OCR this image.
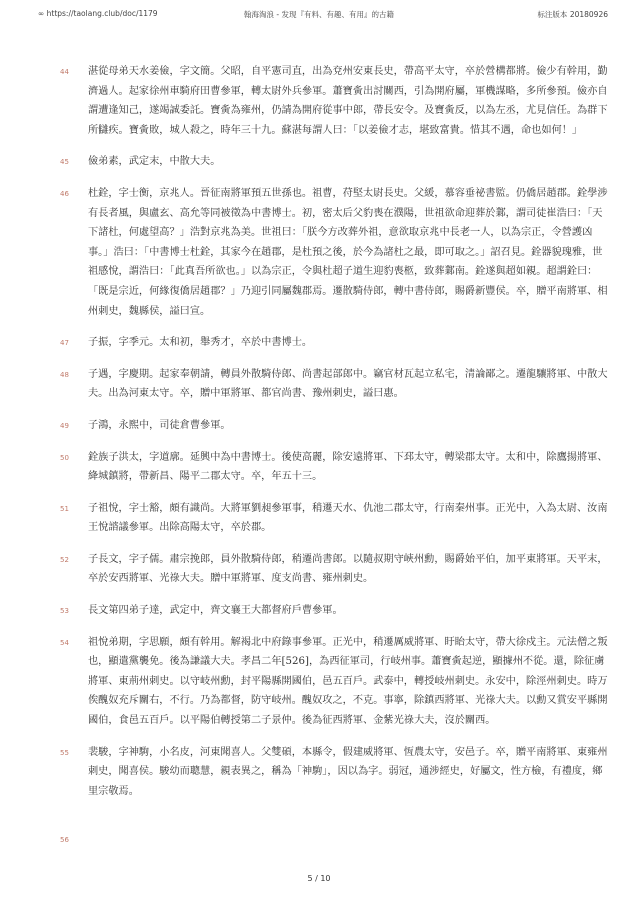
∞ https://taolang.club/doc/1179	翰海淘浪 - 发现『有料、有趣、有用』的古籍	标注版本 20180926
44 湛從母弟天水姜儉，字文簡。父昭，自平憲司直，出為兗州安東長史，帶高平太守，卒於營構都將。儉少有幹用，勤濟過人。起家徐州車騎府田曹參軍，轉太尉外兵參軍。蕭寶夤出討關西，引為開府屬，軍機謀略，多所參預。儉亦自謂遭逢知己，遂竭誠委託。寶夤為雍州，仍請為開府從事中郎，帶長安令。及寶夤反，以為左丞，尤見信任。為群下所讎疾。寶夤敗，城人殺之，時年三十九。蘇湛每謂人曰：「以姜儉才志，堪致富貴。惜其不遇，命也如何！」
45 儉弟素，武定末，中散大夫。
46 杜銓，字士衡，京兆人。晉征南將軍預五世孫也。祖曹，苻堅太尉長史。父緩，慕容垂祕書監。仍僑居趙郡。銓學涉有長者風，與盧玄、高允等同被徵為中書博士。初，密太后父豹喪在濮陽，世祖欲命迎葬於鄴，謂司徒崔浩曰：「天下諸杜，何處望高？」浩對京兆為美。世祖曰：「朕今方改葬外祖，意欲取京兆中長老一人，以為宗正，令營護凶事。」浩曰：「中書博士杜銓，其家今在趙郡，是杜預之後，於今為諸杜之最，即可取之。」詔召見。銓器貌瑰雅，世祖感悅，謂浩曰：「此真吾所欲也。」以為宗正，令與杜超子道生迎豹喪柩，致葬鄴南。銓遂與超如親。超謂銓曰：「既是宗近，何緣復僑居趙郡？」乃迎引同屬魏郡焉。遷散騎侍郎，轉中書侍郎，賜爵新豐侯。卒，贈平南將軍、相州刺史，魏縣侯，謚曰宣。
47 子振，字季元。太和初，舉秀才，卒於中書博士。
48 子遇，字慶期。起家奉朝請，轉員外散騎侍郎、尚書起部郎中。竊官材瓦起立私宅，清論鄙之。遷龍驤將軍、中散大夫。出為河東太守。卒，贈中軍將軍、都官尚書、豫州刺史，謚曰惠。
49 子鴻，永熙中，司徒倉曹參軍。
50 銓族子洪太，字道廓。延興中為中書博士。後使高麗，除安遠將軍、下邳太守，轉梁郡太守。太和中，除鷹揚將軍、絳城鎮將，帶新昌、陽平二郡太守。卒，年五十三。
51 子祖悅，字士豁，頗有識尚。大將軍劉昶參軍事，稍遷天水、仇池二郡太守，行南秦州事。正光中，入為太尉、汝南王悅諮議參軍。出除高陽太守，卒於郡。
52 子長文，字子儒。肅宗挽郎，員外散騎侍郎，稍遷尚書郎。以隨叔期守峽州勳，賜爵始平伯，加平東將軍。天平末，卒於安西將軍、光祿大夫。贈中軍將軍、度支尚書、雍州刺史。
53 長文第四弟子達，武定中，齊文襄王大都督府戶曹參軍。
54 祖悅弟期，字思願，頗有幹用。解褐北中府錄事參軍。正光中，稍遷厲威將軍、盱眙太守，帶大徐戍主。元法僧之叛也，顯遣黨襲免。後為謙議大夫。孝昌二年[526]，為西征軍司，行岐州事。蕭寶夤起逆，顯據州不從。還，除征虜將軍、東荊州刺史。以守岐州勳，封平陽縣開國伯，邑五百戶。武泰中，轉授岐州刺史。永安中，除涇州刺史。時万俟醜奴充斥關右，不行。乃為都督，防守岐州。醜奴攻之，不克。事寧，除鎮西將軍、光祿大夫。以勳又賞安平縣開國伯，食邑五百戶。以平陽伯轉授第二子景仲。後為征西將軍、金紫光祿大夫，沒於關西。
55 裴駿，字神駒，小名皮，河東聞喜人。父雙碩，本縣令，假建威將軍、恆農太守，安邑子。卒，贈平南將軍、東雍州刺史，聞喜侯。駿幼而聰慧，親表異之，稱為「神駒」，因以為字。弱冠，通涉經史，好屬文，性方檢，有禮度，鄉里宗敬焉。
56
5 / 10
